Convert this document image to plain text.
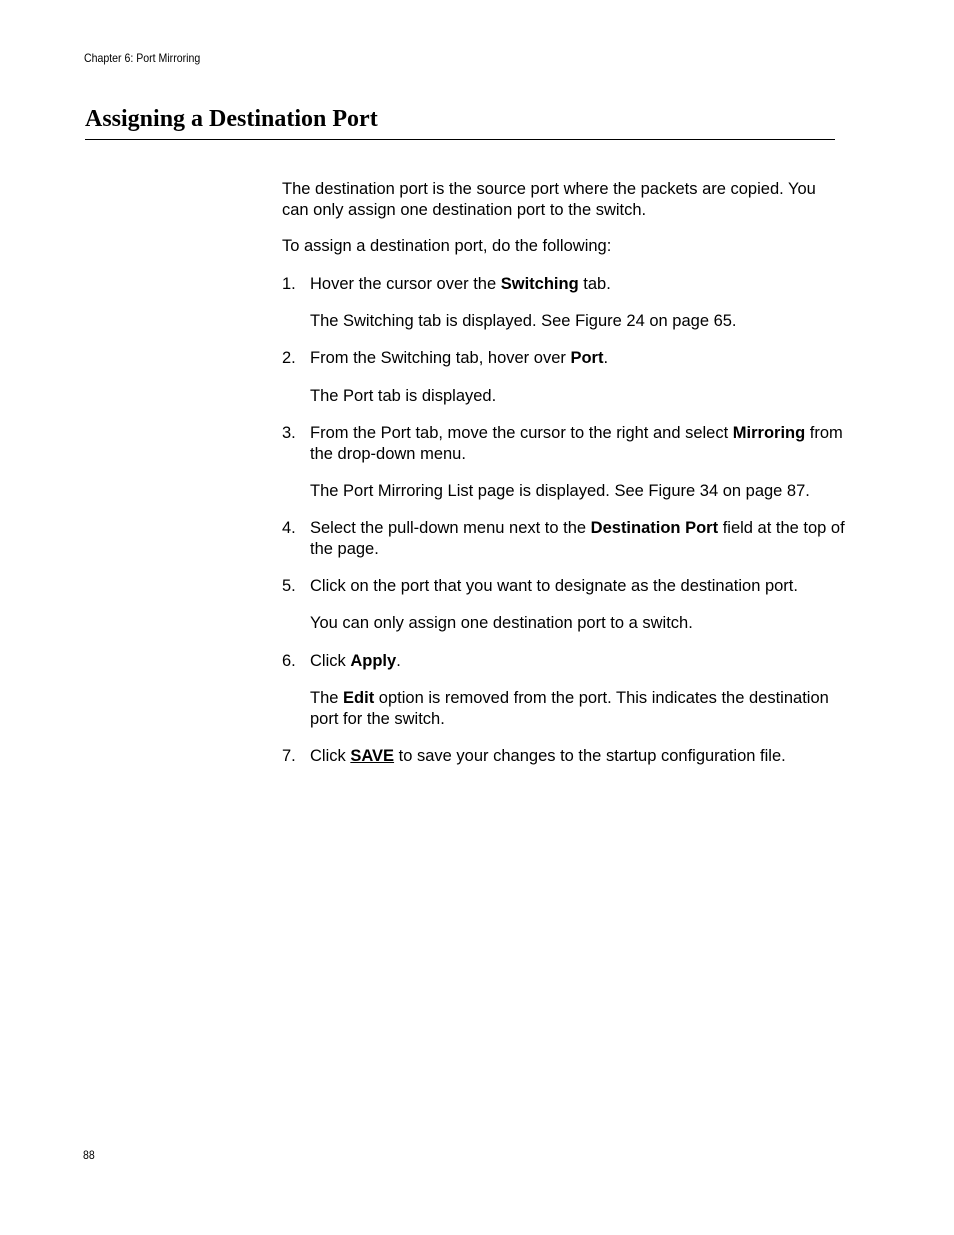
Chapter 6: Port Mirroring
Assigning a Destination Port

The destination port is the source port where the packets are copied. You can only assign one destination port to the switch.

To assign a destination port, do the following:

1. Hover the cursor over the Switching tab.
The Switching tab is displayed. See Figure 24 on page 65.
2. From the Switching tab, hover over Port.
The Port tab is displayed.
3. From the Port tab, move the cursor to the right and select Mirroring from the drop-down menu.
The Port Mirroring List page is displayed. See Figure 34 on page 87.
4. Select the pull-down menu next to the Destination Port field at the top of the page.
5. Click on the port that you want to designate as the destination port.
You can only assign one destination port to a switch.
6. Click Apply.
The Edit option is removed from the port. This indicates the destination port for the switch.
7. Click SAVE to save your changes to the startup configuration file.
88
